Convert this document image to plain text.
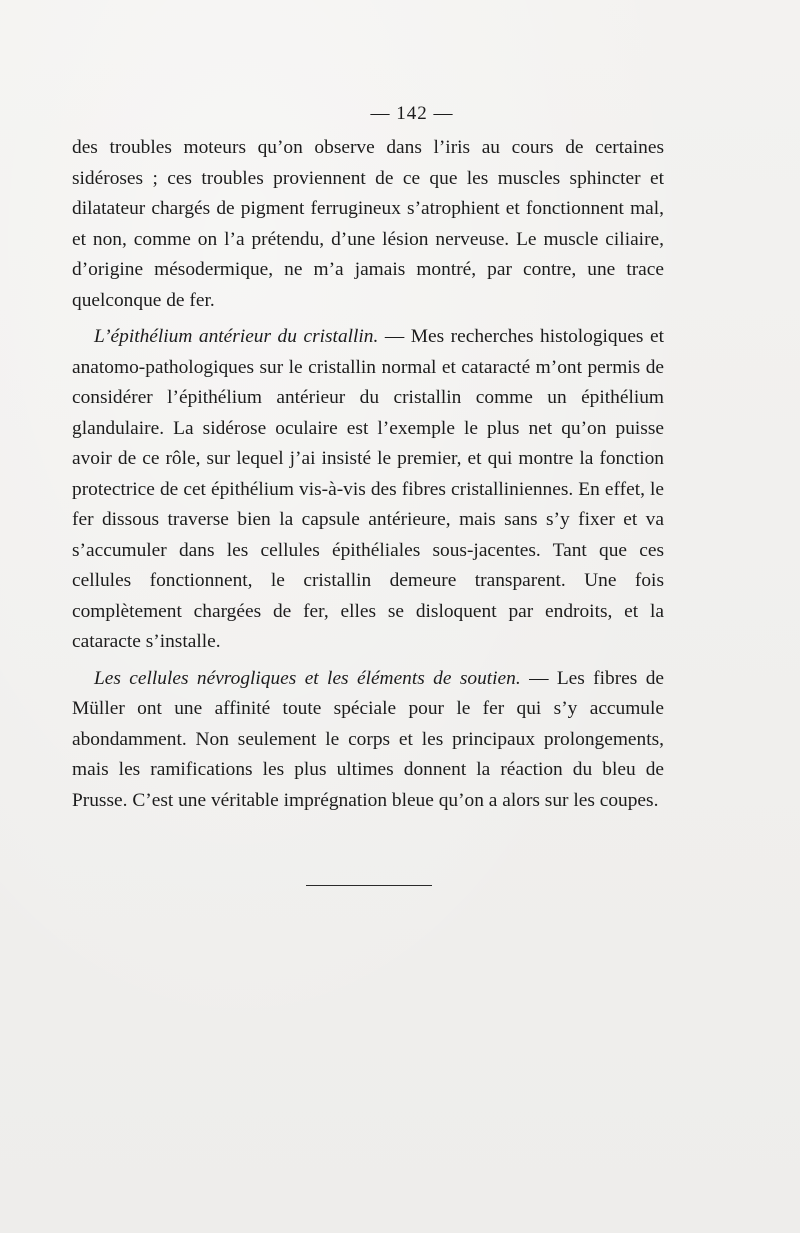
— 142 —

des troubles moteurs qu’on observe dans l’iris au cours de certaines sidéroses ; ces troubles proviennent de ce que les muscles sphincter et dilatateur chargés de pigment ferrugineux s’atrophient et fonctionnent mal, et non, comme on l’a prétendu, d’une lésion nerveuse. Le muscle ciliaire, d’origine mésodermique, ne m’a jamais montré, par contre, une trace quelconque de fer.

L’épithélium antérieur du cristallin. — Mes recherches histologiques et anatomo-pathologiques sur le cristallin normal et cataracté m’ont permis de considérer l’épithélium antérieur du cristallin comme un épithélium glandulaire. La sidérose oculaire est l’exemple le plus net qu’on puisse avoir de ce rôle, sur lequel j’ai insisté le premier, et qui montre la fonction protectrice de cet épithélium vis-à-vis des fibres cristalliniennes. En effet, le fer dissous traverse bien la capsule antérieure, mais sans s’y fixer et va s’accumuler dans les cellules épithéliales sous-jacentes. Tant que ces cellules fonctionnent, le cristallin demeure transparent. Une fois complètement chargées de fer, elles se disloquent par endroits, et la cataracte s’installe.

Les cellules névrogliques et les éléments de soutien. — Les fibres de Müller ont une affinité toute spéciale pour le fer qui s’y accumule abondamment. Non seulement le corps et les principaux prolongements, mais les ramifications les plus ultimes donnent la réaction du bleu de Prusse. C’est une véritable imprégnation bleue qu’on a alors sur les coupes.
